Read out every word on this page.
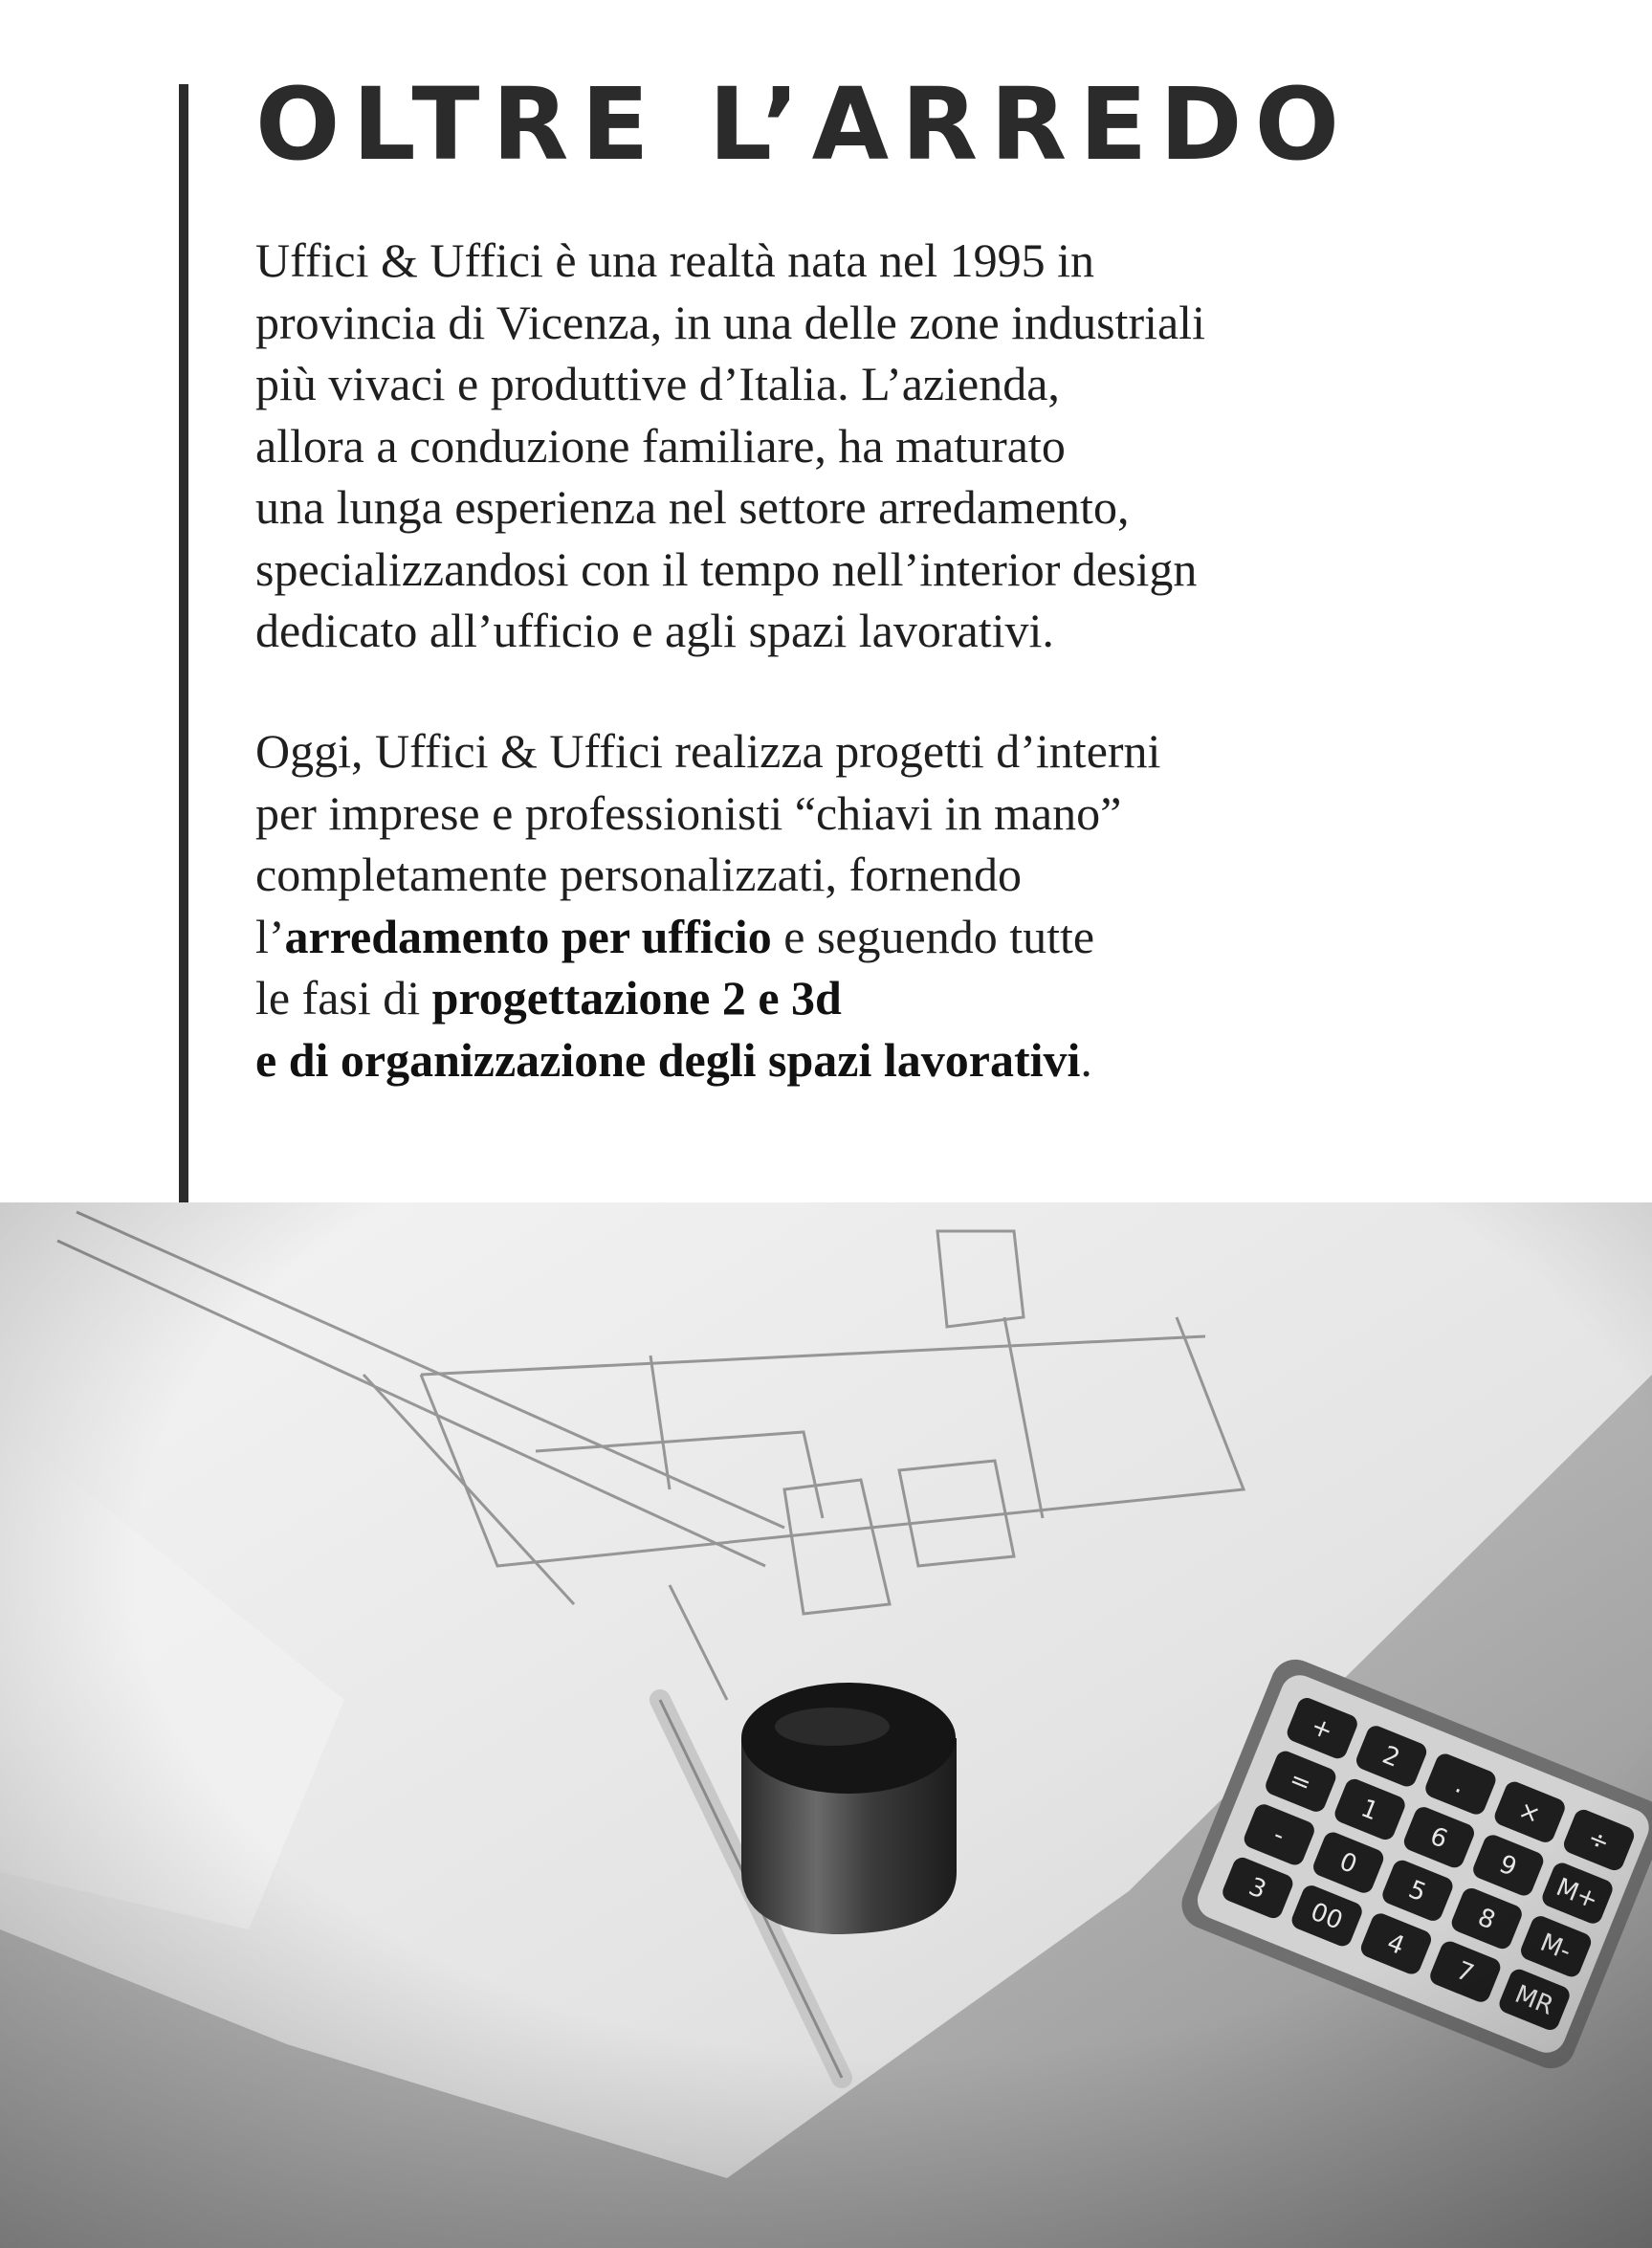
OLTRE L’ARREDO
Uffici & Uffici è una realtà nata nel 1995 in
provincia di Vicenza, in una delle zone industriali
più vivaci e produttive d’Italia. L’azienda,
allora a conduzione familiare, ha maturato
una lunga esperienza nel settore arredamento,
specializzandosi con il tempo nell’interior design
dedicato all’ufficio e agli spazi lavorativi.
Oggi, Uffici & Uffici realizza progetti d’interni
per imprese e professionisti “chiavi in mano”
completamente personalizzati, fornendo
l’arredamento per ufficio e seguendo tutte
le fasi di progettazione 2 e 3d
e di organizzazione degli spazi lavorativi.
